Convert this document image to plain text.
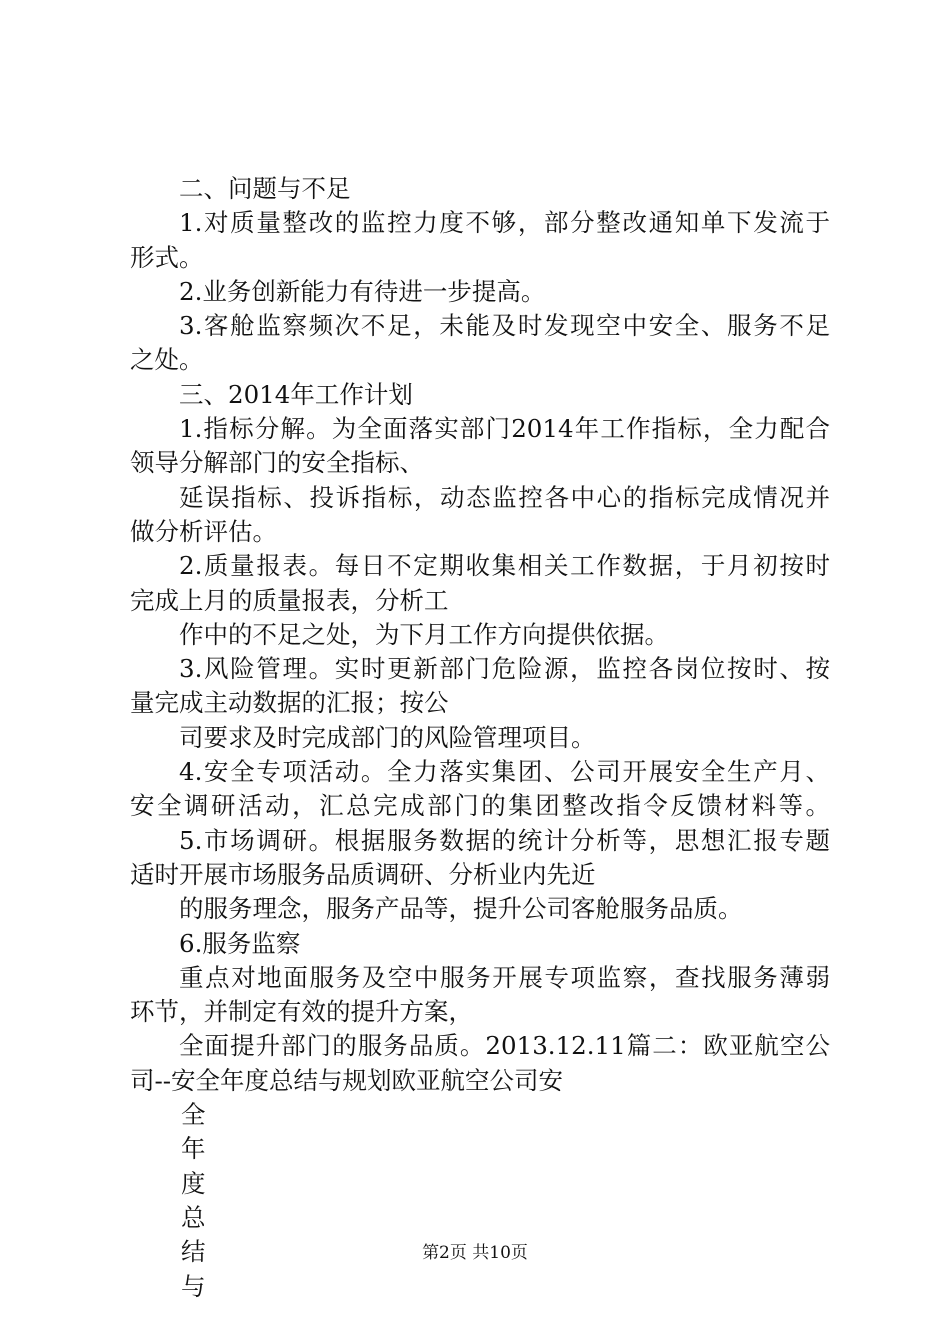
二、问题与不足
1.对质量整改的监控力度不够，部分整改通知单下发流于
形式。
2.业务创新能力有待进一步提高。
3.客舱监察频次不足，未能及时发现空中安全、服务不足
之处。
三、2014年工作计划
1.指标分解。为全面落实部门2014年工作指标，全力配合
领导分解部门的安全指标、
延误指标、投诉指标，动态监控各中心的指标完成情况并
做分析评估。
2.质量报表。每日不定期收集相关工作数据，于月初按时
完成上月的质量报表，分析工
作中的不足之处，为下月工作方向提供依据。
3.风险管理。实时更新部门危险源，监控各岗位按时、按
量完成主动数据的汇报；按公
司要求及时完成部门的风险管理项目。
4.安全专项活动。全力落实集团、公司开展安全生产月、
安全调研活动，汇总完成部门的集团整改指令反馈材料等。
5.市场调研。根据服务数据的统计分析等，思想汇报专题
适时开展市场服务品质调研、分析业内先近
的服务理念，服务产品等，提升公司客舱服务品质。
6.服务监察
重点对地面服务及空中服务开展专项监察，查找服务薄弱
环节，并制定有效的提升方案，
全面提升部门的服务品质。2013.12.11篇二：欧亚航空公
司--安全年度总结与规划欧亚航空公司安
全
年
度
总
结
与
第2页 共10页
